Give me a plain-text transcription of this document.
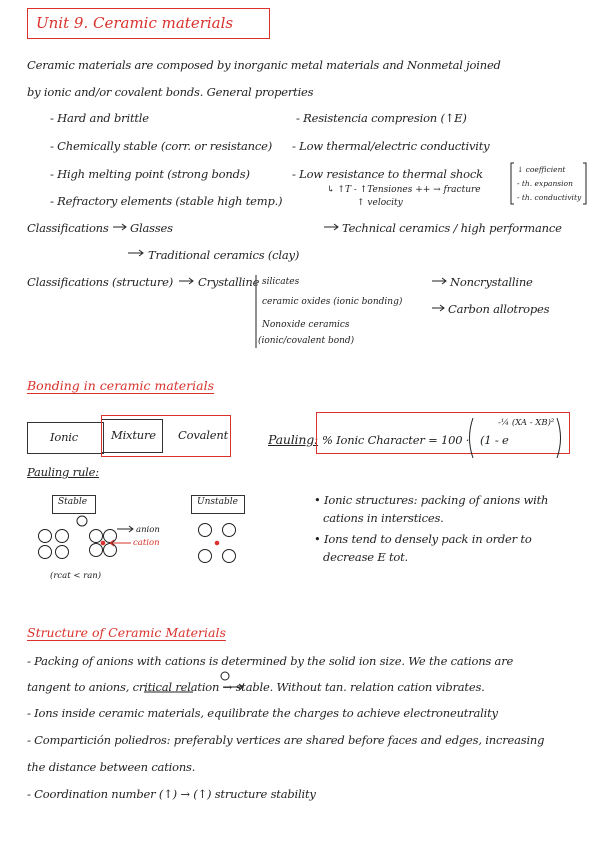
Unit 9. Ceramic materials
Ceramic materials are composed by inorganic metal materials and Nonmetal joined
by ionic and/or covalent bonds. General properties
- Hard and brittle
- Chemically stable (corr. or resistance)
- High melting point (strong bonds)
- Refractory elements (stable high temp.)
- Resistencia compresion (↑E)
- Low thermal/electric conductivity
- Low resistance to thermal shock
↳ ↑T - ↑Tensiones ++ → fracture
↑ velocity
↓ coefficient
- th. expansion
- th. conductivity
Classifications Glasses
Traditional ceramics (clay)
Technical ceramics / high performance
Classifications (structure) Crystalline silicates
ceramic oxides (ionic bonding)
Nonoxide ceramics
(ionic/covalent bond)
Noncrystalline
Carbon allotropes
Bonding in ceramic materials
Ionic	Mixture Covalent	Pauling: % Ionic Character = 100 · (1 - e
-¼ (XA - XB)²
Pauling rule:
Stable	Unstable
anion
cation
(rcat < ran)
• Ionic structures: packing of anions with
cations in interstices.
• Ions tend to densely pack in order to
decrease E tot.
Structure of Ceramic Materials
- Packing of anions with cations is determined by the solid ion size. We the cations are
tangent to anions, critical relation → stable. Without tan. relation cation vibrates.
- Ions inside ceramic materials, equilibrate the charges to achieve electroneutrality
- Compartición poliedros: preferably vertices are shared before faces and edges, increasing
the distance between cations.
- Coordination number (↑) → (↑) structure stability
